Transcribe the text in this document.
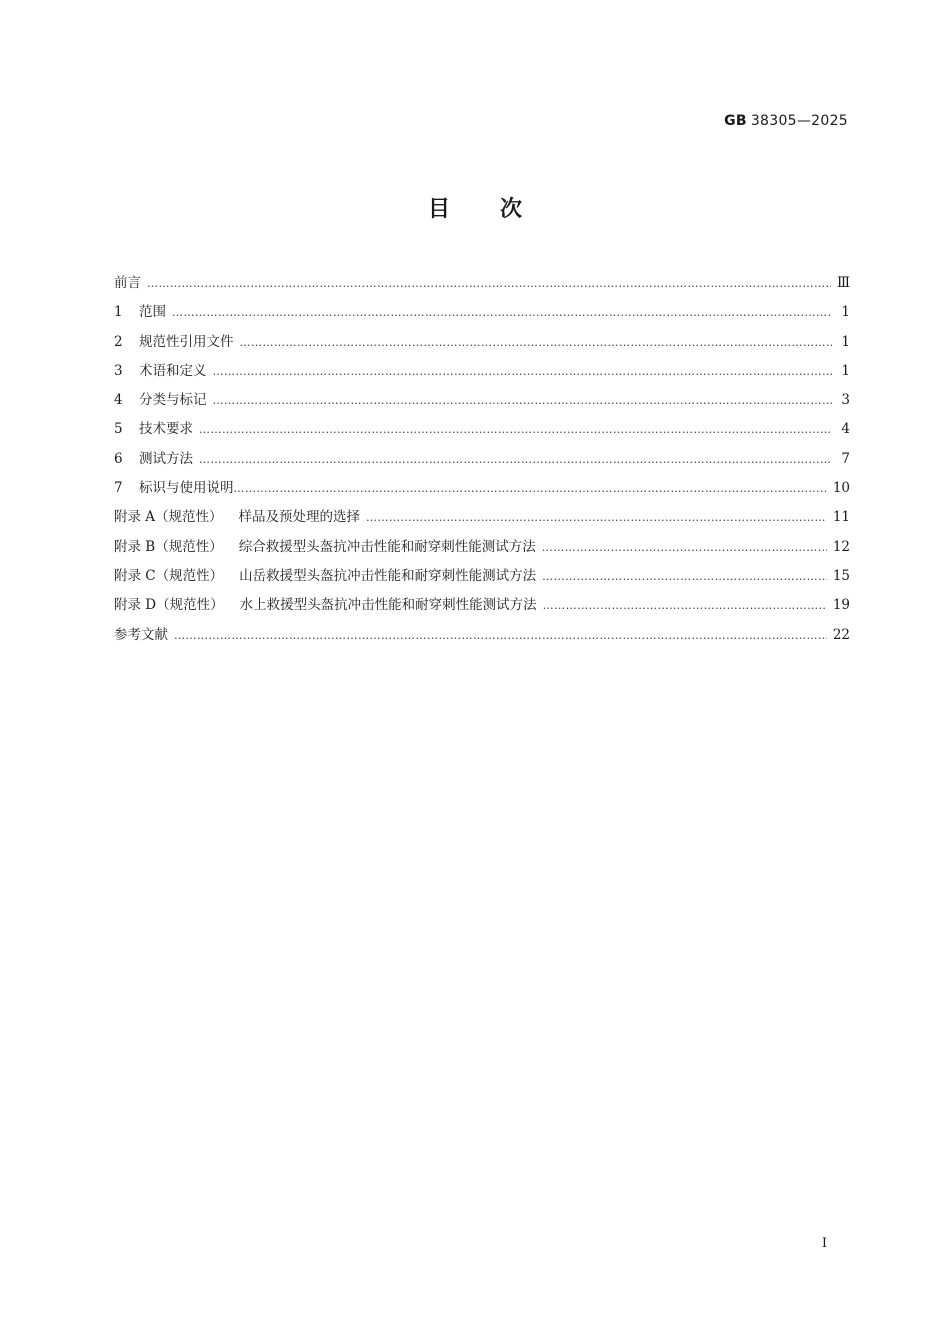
GB 38305—2025
目次
前言 ……………………………………………………………………………………………………………………………………………………………………………………………………………	Ⅲ
1	范围 ……………………………………………………………………………………………………………………………………………………………………………………………………………	1
2	规范性引用文件 ……………………………………………………………………………………………………………………………………………………………………………………………………………	1
3	术语和定义 ……………………………………………………………………………………………………………………………………………………………………………………………………………	1
4	分类与标记 ……………………………………………………………………………………………………………………………………………………………………………………………………………	3
5	技术要求 ……………………………………………………………………………………………………………………………………………………………………………………………………………	4
6	测试方法 ……………………………………………………………………………………………………………………………………………………………………………………………………………	7
7	标识与使用说明 ……………………………………………………………………………………………………………………………………………………………………………………………………………	10
附录 A（规范性） 样品及预处理的选择 ……………………………………………………………………………………………………………………………………………………………………………………………………………	11
附录 B（规范性） 综合救援型头盔抗冲击性能和耐穿刺性能测试方法 ……………………………………………………………………………………………………………………………………………………………………………………………………………	12
附录 C（规范性） 山岳救援型头盔抗冲击性能和耐穿刺性能测试方法 ……………………………………………………………………………………………………………………………………………………………………………………………………………	15
附录 D（规范性） 水上救援型头盔抗冲击性能和耐穿刺性能测试方法 ……………………………………………………………………………………………………………………………………………………………………………………………………………	19
参考文献 ……………………………………………………………………………………………………………………………………………………………………………………………………………	22
I
